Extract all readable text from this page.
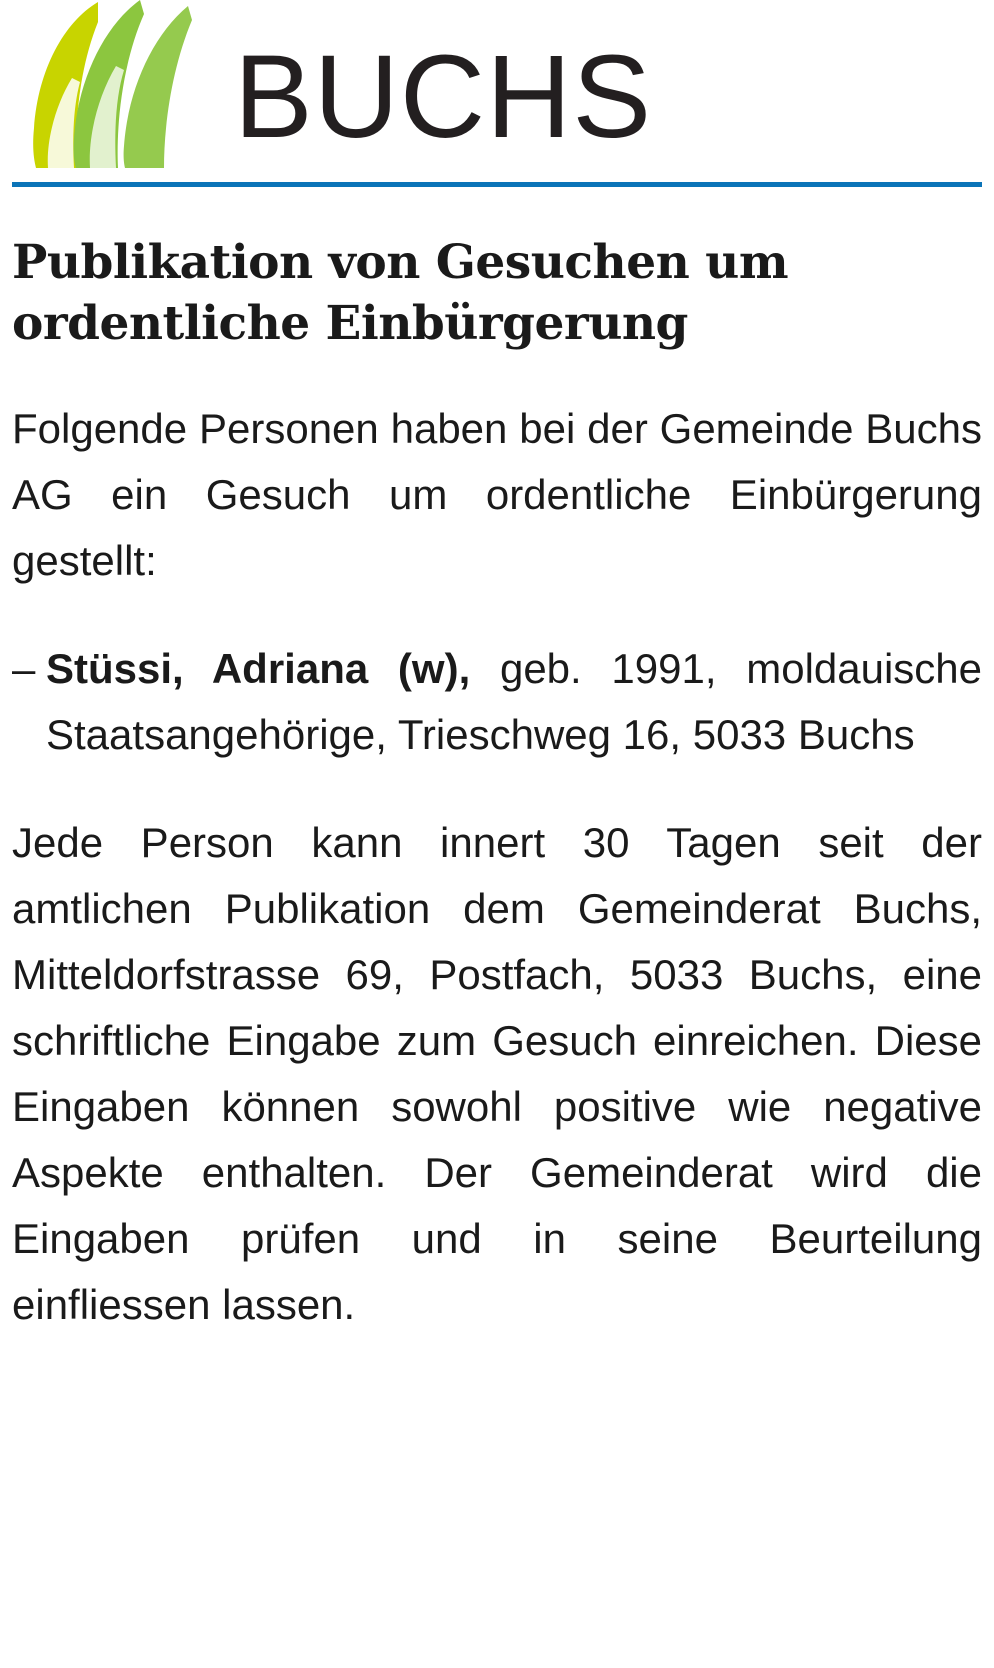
BUCHS
Publikation von Gesuchen um ordentliche Einbürgerung

Folgende Personen haben bei der Gemeinde Buchs AG ein Gesuch um ordentliche Einbürgerung gestellt:

– Stüssi, Adriana (w), geb. 1991, moldauische Staatsangehörige, Trieschweg 16, 5033 Buchs

Jede Person kann innert 30 Tagen seit der amtlichen Publikation dem Gemeinderat Buchs, Mitteldorfstrasse 69, Postfach, 5033 Buchs, eine schriftliche Eingabe zum Gesuch einreichen. Diese Eingaben können sowohl positive wie negative Aspekte enthalten. Der Gemeinderat wird die Eingaben prüfen und in seine Beurteilung einfliessen lassen.
